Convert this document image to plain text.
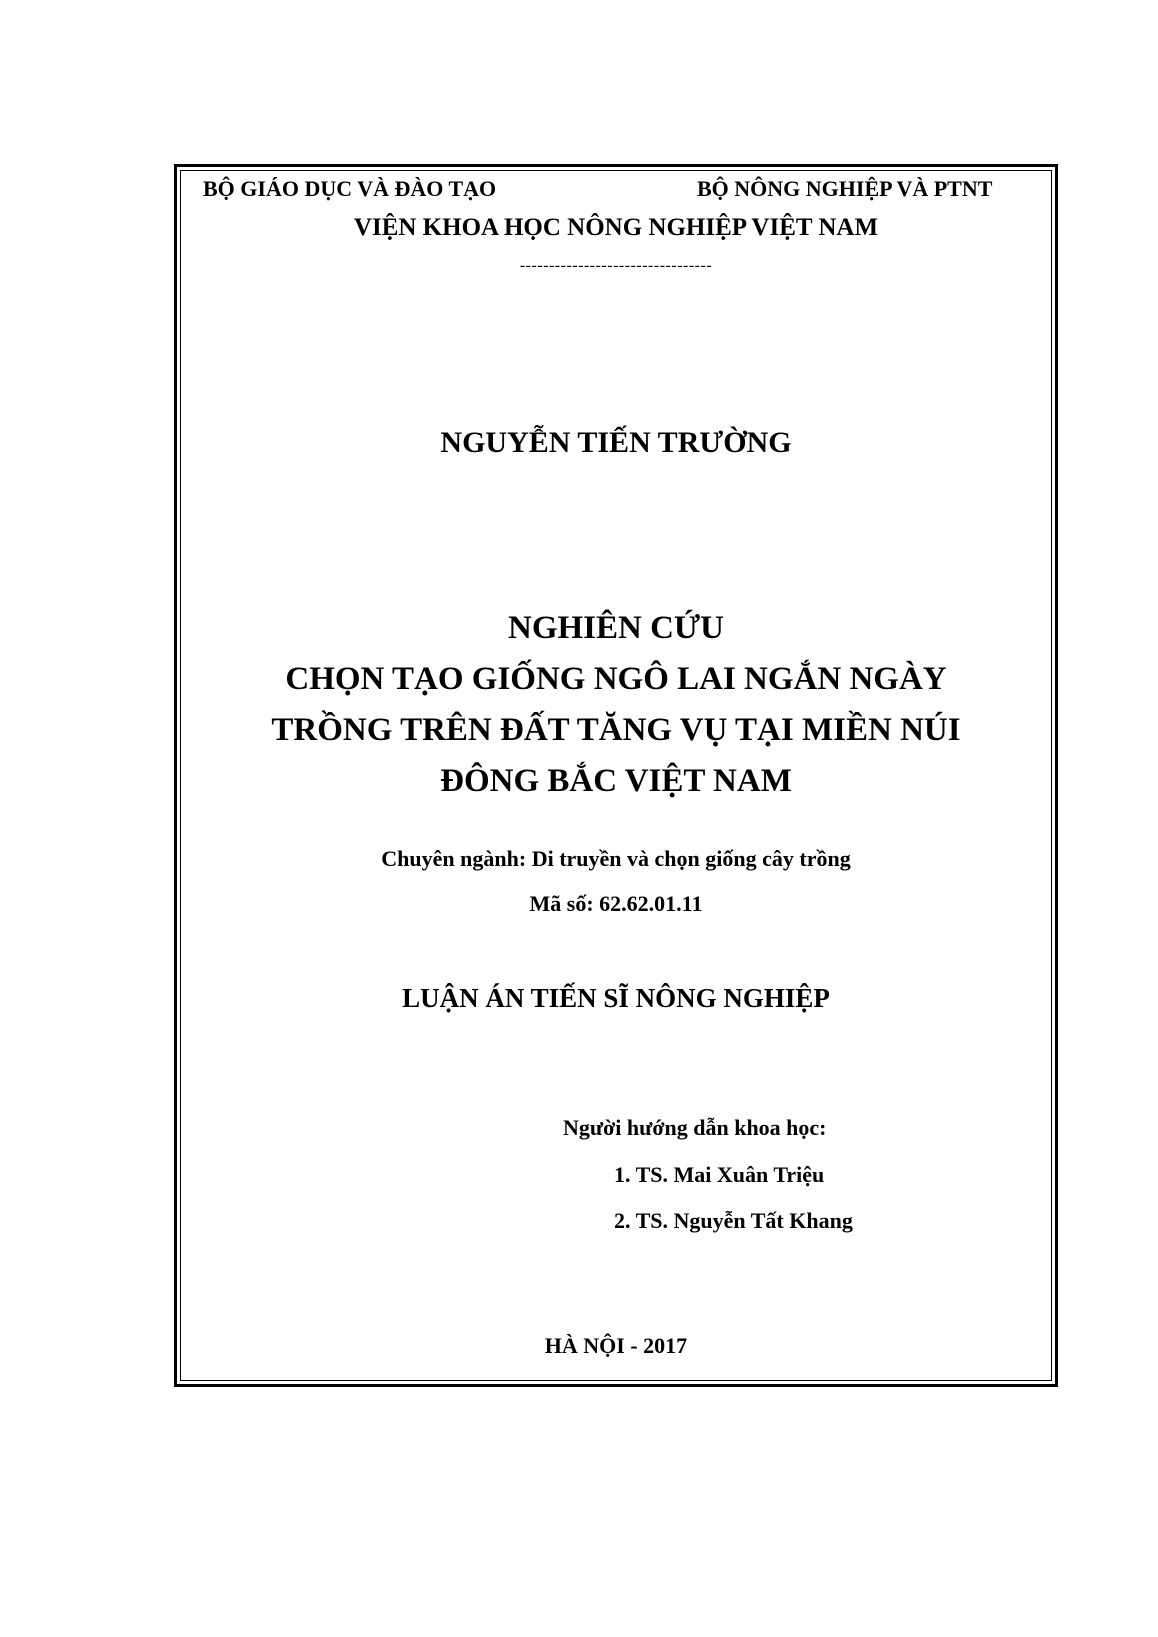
BỘ GIÁO DỤC VÀ ĐÀO TẠO	BỘ NÔNG NGHIỆP VÀ PTNT
VIỆN KHOA HỌC NÔNG NGHIỆP VIỆT NAM
---------------------------------
NGUYỄN TIẾN TRƯỜNG
NGHIÊN CỨU
CHỌN TẠO GIỐNG NGÔ LAI NGẮN NGÀY
TRỒNG TRÊN ĐẤT TĂNG VỤ TẠI MIỀN NÚI
ĐÔNG BẮC VIỆT NAM
Chuyên ngành: Di truyền và chọn giống cây trồng
Mã số: 62.62.01.11
LUẬN ÁN TIẾN SĨ NÔNG NGHIỆP
Người hướng dẫn khoa học:
1. TS. Mai Xuân Triệu
2. TS. Nguyễn Tất Khang
HÀ NỘI - 2017
